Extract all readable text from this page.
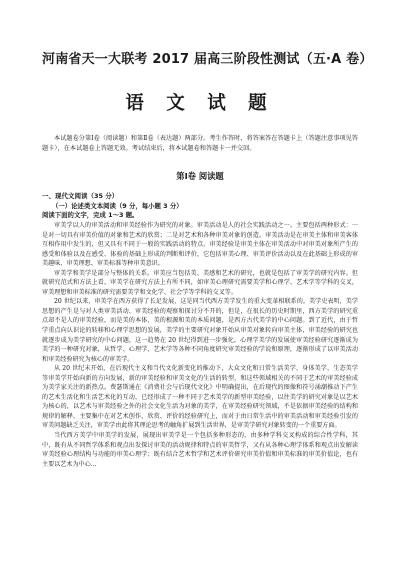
河南省天一大联考 2017 届高三阶段性测试（五·A 卷）
语 文 试 题

本试题卷分第Ⅰ卷（阅读题）和第Ⅱ卷（表达题）两部分。考生作答时，将答案答在答题卡上（答题注意事项见答题卡），在本试题卷上答题无效。考试结束后，将本试题卷和答题卡一并交回。

第Ⅰ卷 阅读题
一、现代文阅读（35 分）
（一）论述类文本阅读（9 分，每小题 3 分）
阅读下面的文字，完成 1～3 题。

审美学以人的审美活动和审美经验作为研究的对象。审美活动是人的社会实践活动之一。主要包括两种形式：一是对一切具有审美价值的对象和艺术的欣赏；二是对艺术和各种审美对象的创造。审美活动是在审美主体和审美客体互相作用中发生的，但又具有不同于一般的实践活动的特点。审美经验是审美主体在审美活动中对审美对象所产生的感受和体验以及在感受、体验的基础上形成的判断和评价，它包括审美心理、审美评价活动以及在此基础上形成的审美趣味、审美理想、审美标准等种审美意识。

审美学和美学是部分与整体的关系。审美应当包括美、美感和艺术的研究，也就是包括了审美学的研究内容。但就研究范式和方法上看，审美学在研究方法上有所不同，如审美心理研究需要美学和心理学、艺术学等学科的交叉，审美理想和审美标准的研究需要美学和文化学、社会学等学科的交叉等。

20 世纪以来，审美学在西方获得了长足发展，这是同当代西方美学发生的重大变革相联系的。美学史表明，美学思想的产生是与对人类审美活动、审美经验的观察和探讨分不开的，但是，在很长的历史时期里，西方美学的研究重点却不是人的审美经验，而是美的本体、美的根源和美的本质问题，是西方古代美学的中心问题。到了近代，由于哲学重点向认识论的转移和心理学思想的发展，美学的主要研究对象开始从审美对象转向审美主体，审美经验的研究也就逐步成为美学研究的中心问题，这一趋势在 20 世纪得到进一步强化。心理学美学的发展使审美经验研究逐渐成为美学的一种研究对象，从哲学、心理学、艺术学等各种不同角度研究审美经验的学说和原理，逐渐形成了以审美活动和审美经验研究为核心的审美学。

从 20 世纪末开始，在后现代主义和当代文化新变化的推动下，大众文化和日常生活美学、身体美学、生态美学等审美学开始向新的方向发展，新的审美经验和审美文化的生活的转型，和这些领域相关的不同于艺术的审美经验成为美学家关注的新热点。费瑟斯通在《消费社会与后现代文化》中明确提出，在后现代的图像和符号涌潮推动下产生的艺术生活化和生活艺术化的互动，已经形成了一种不同于艺术美学的新型审美经验，以往美学的研究对象是以艺术为核心的，以艺术与审美经验之外的社会文化生活为对象的美学，在审美经验研究领域，不是依据审美经验的结构和规律的解释，主要集中在对艺术创作、欣赏、评价的经验研究上，而对于由日常生活中的审美活动和审美经验引发的审美问题缺乏关注，审美学由此将其理论思考的触角扩展到生活世界，是审美学研究对象转变的一个重要方面。

当代西方美学中审美学的发展，展现出审美学是一个包括多种形态的、由多种学科交叉构成的综合性学科，其中，既有从不同哲学体系和观点出发探讨审美的活动规律和特点的审美哲学，又有从各种心理学体系和观点出发解读审美经验心理结构与功能的审美心理学；既有结合艺术哲学和艺术评价研究审美价值和审美标准的审美价值论，也有主要以艺术为中心...
